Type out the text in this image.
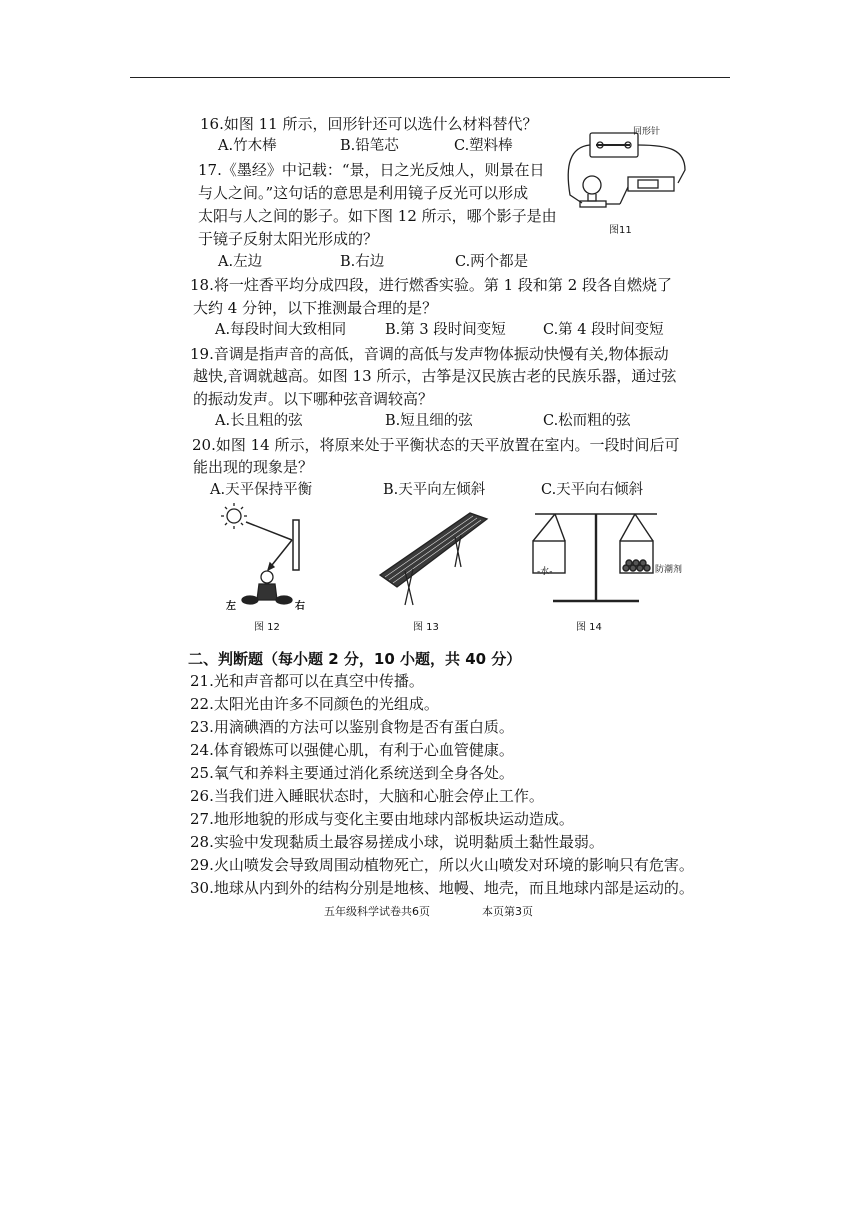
16.如图 11 所示，回形针还可以选什么材料替代？
A.竹木棒	B.铅笔芯	C.塑料棒
17.《墨经》中记载：“景，日之光反烛人，则景在日
与人之间。”这句话的意思是利用镜子反光可以形成
太阳与人之间的影子。如下图 12 所示，哪个影子是由
于镜子反射太阳光形成的？
A.左边	B.右边	C.两个都是
回形针
图11
18.将一炷香平均分成四段，进行燃香实验。第 1 段和第 2 段各自燃烧了
大约 4 分钟，以下推测最合理的是？
A.每段时间大致相同	B.第 3 段时间变短	C.第 4 段时间变短
19.音调是指声音的高低，音调的高低与发声物体振动快慢有关,物体振动
越快,音调就越高。如图 13 所示，古筝是汉民族古老的民族乐器，通过弦
的振动发声。以下哪种弦音调较高？
A.长且粗的弦	B.短且细的弦	C.松而粗的弦
20.如图 14 所示，将原来处于平衡状态的天平放置在室内。一段时间后可
能出现的现象是？
A.天平保持平衡	B.天平向左倾斜	C.天平向右倾斜
左	右
图 12	图 13
-水-	防潮剂
图 14
二、判断题（每小题 2 分，10 小题，共 40 分）
21.光和声音都可以在真空中传播。
22.太阳光由许多不同颜色的光组成。
23.用滴碘酒的方法可以鉴别食物是否有蛋白质。
24.体育锻炼可以强健心肌，有利于心血管健康。
25.氧气和养料主要通过消化系统送到全身各处。
26.当我们进入睡眠状态时，大脑和心脏会停止工作。
27.地形地貌的形成与变化主要由地球内部板块运动造成。
28.实验中发现黏质土最容易搓成小球，说明黏质土黏性最弱。
29.火山喷发会导致周围动植物死亡，所以火山喷发对环境的影响只有危害。
30.地球从内到外的结构分别是地核、地幔、地壳，而且地球内部是运动的。
五年级科学试卷共6页	本页第3页
